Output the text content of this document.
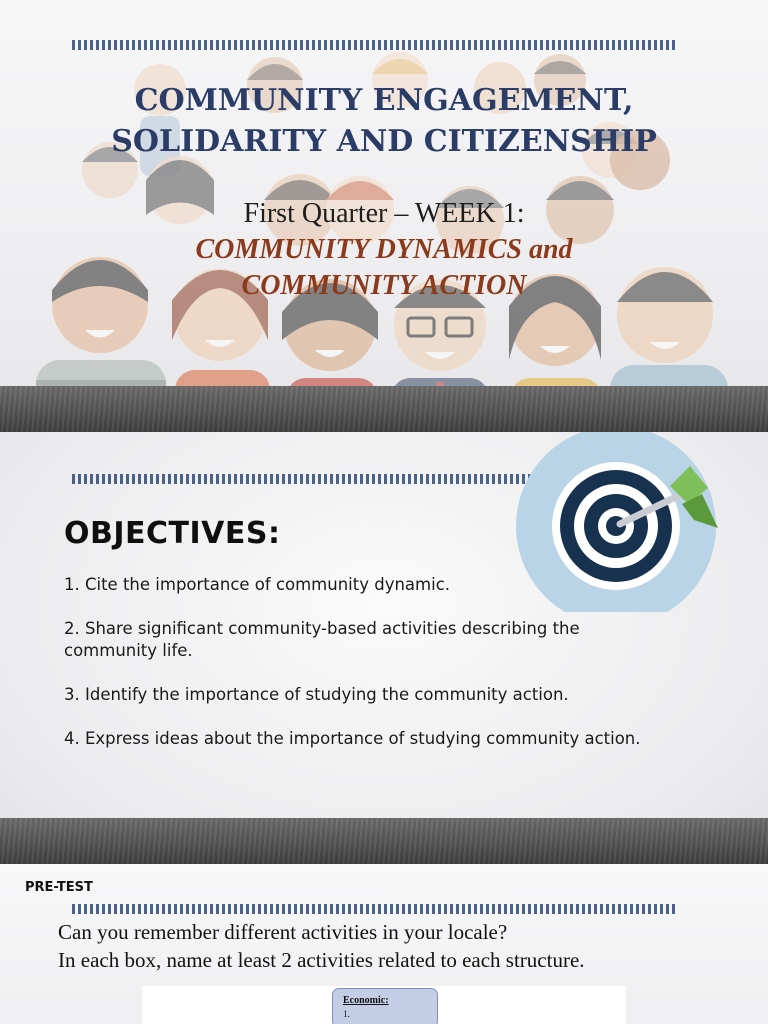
COMMUNITY ENGAGEMENT,
SOLIDARITY AND CITIZENSHIP
First Quarter – WEEK 1:
COMMUNITY DYNAMICS and
COMMUNITY ACTION
OBJECTIVES:
1. Cite the importance of community dynamic.
2. Share significant community-based activities describing the community life.
3. Identify the importance of studying the community action.
4. Express ideas about the importance of studying community action.
PRE-TEST
Can you remember different activities in your locale?
In each box, name at least 2 activities related to each structure.
Economic:
1.
